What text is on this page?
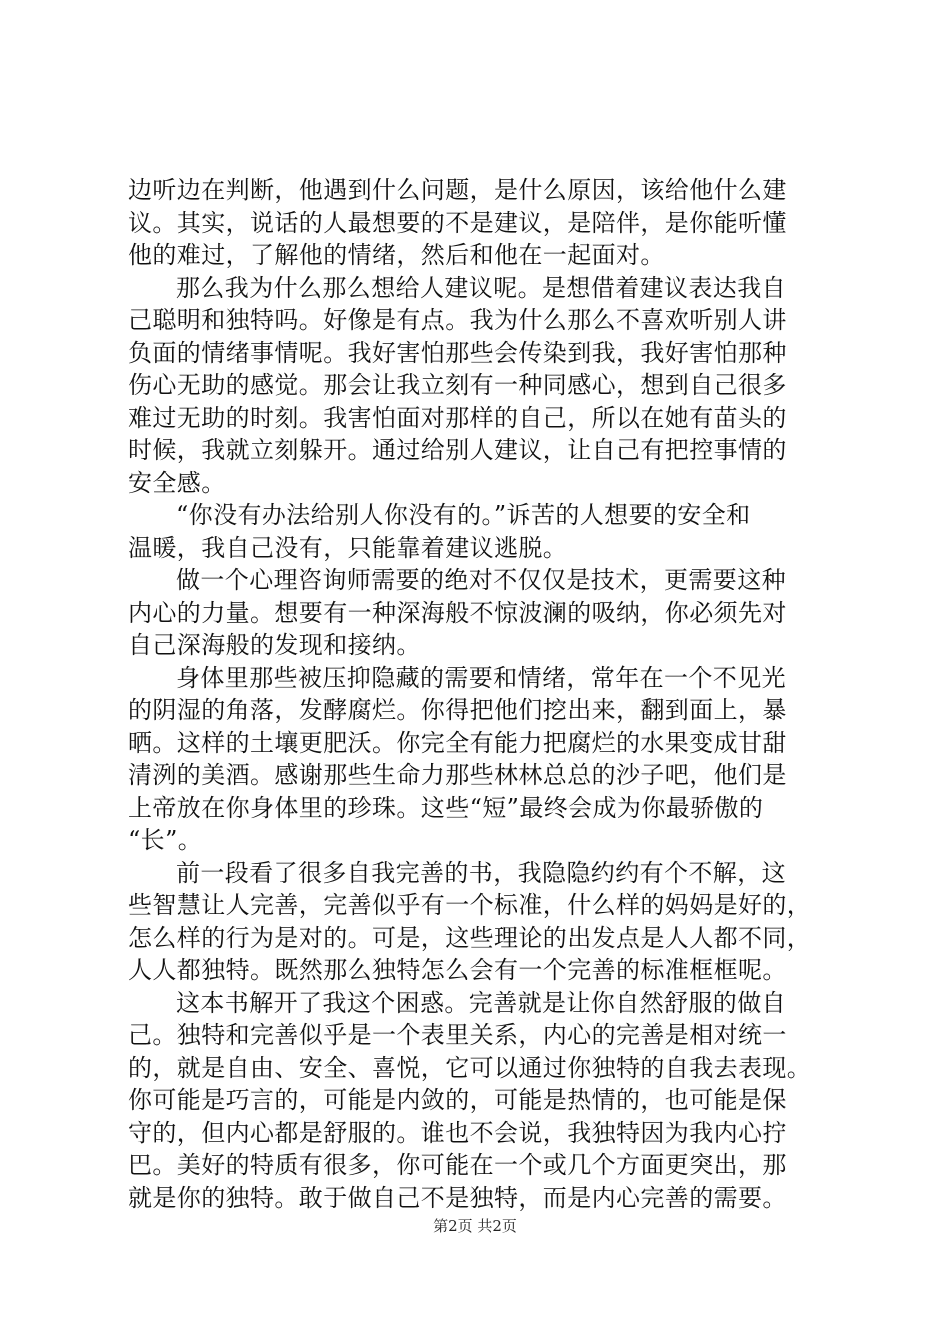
边听边在判断，他遇到什么问题，是什么原因，该给他什么建
议。其实，说话的人最想要的不是建议，是陪伴，是你能听懂
他的难过，了解他的情绪，然后和他在一起面对。
那么我为什么那么想给人建议呢。是想借着建议表达我自
己聪明和独特吗。好像是有点。我为什么那么不喜欢听别人讲
负面的情绪事情呢。我好害怕那些会传染到我，我好害怕那种
伤心无助的感觉。那会让我立刻有一种同感心，想到自己很多
难过无助的时刻。我害怕面对那样的自己，所以在她有苗头的
时候，我就立刻躲开。通过给别人建议，让自己有把控事情的
安全感。
“你没有办法给别人你没有的。”诉苦的人想要的安全和
温暖，我自己没有，只能靠着建议逃脱。
做一个心理咨询师需要的绝对不仅仅是技术，更需要这种
内心的力量。想要有一种深海般不惊波澜的吸纳，你必须先对
自己深海般的发现和接纳。
身体里那些被压抑隐藏的需要和情绪，常年在一个不见光
的阴湿的角落，发酵腐烂。你得把他们挖出来，翻到面上，暴
晒。这样的土壤更肥沃。你完全有能力把腐烂的水果变成甘甜
清洌的美酒。感谢那些生命力那些林林总总的沙子吧，他们是
上帝放在你身体里的珍珠。这些“短”最终会成为你最骄傲的
“长”。
前一段看了很多自我完善的书，我隐隐约约有个不解，这
些智慧让人完善，完善似乎有一个标准，什么样的妈妈是好的，
怎么样的行为是对的。可是，这些理论的出发点是人人都不同，
人人都独特。既然那么独特怎么会有一个完善的标准框框呢。
这本书解开了我这个困惑。完善就是让你自然舒服的做自
己。独特和完善似乎是一个表里关系，内心的完善是相对统一
的，就是自由、安全、喜悦，它可以通过你独特的自我去表现。
你可能是巧言的，可能是内敛的，可能是热情的，也可能是保
守的，但内心都是舒服的。谁也不会说，我独特因为我内心拧
巴。美好的特质有很多，你可能在一个或几个方面更突出，那
就是你的独特。敢于做自己不是独特，而是内心完善的需要。
第2页 共2页
